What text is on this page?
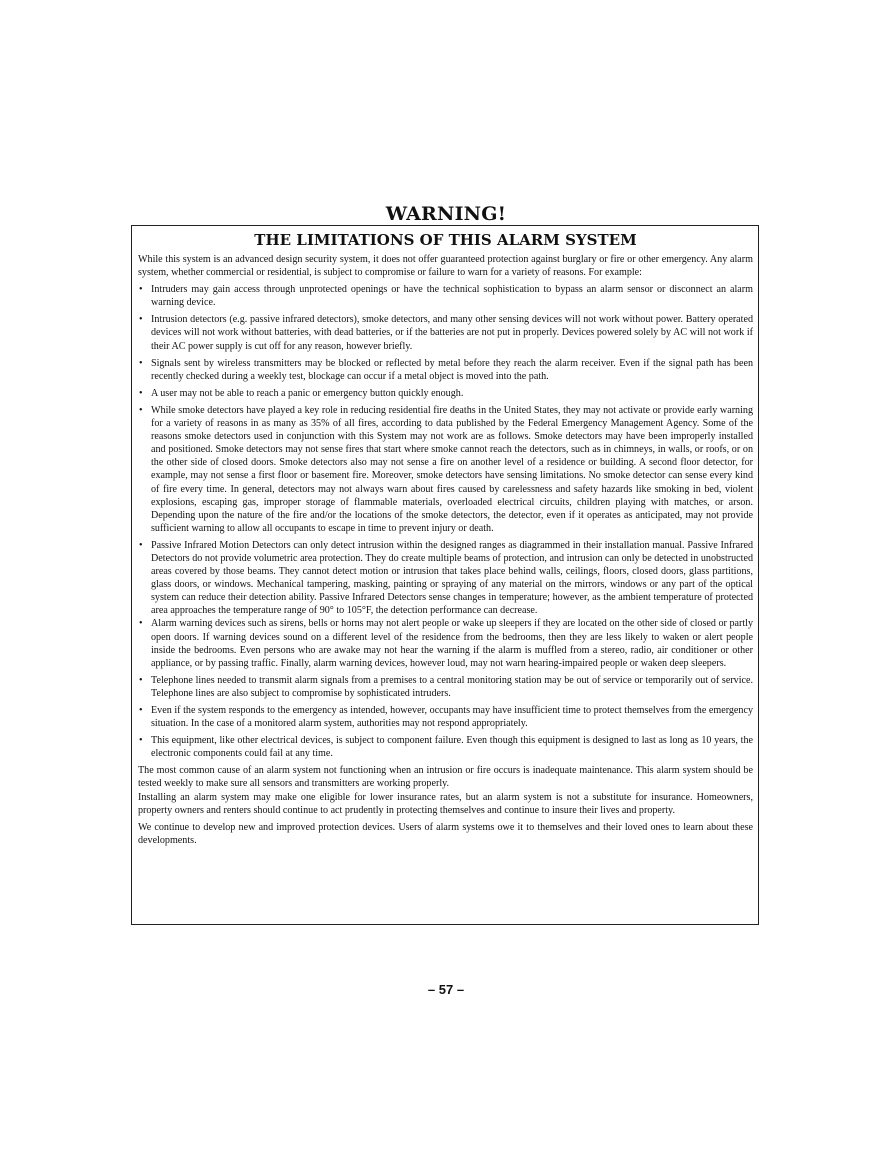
WARNING!
THE LIMITATIONS OF THIS ALARM SYSTEM

While this system is an advanced design security system, it does not offer guaranteed protection against burglary or fire or other emergency. Any alarm system, whether commercial or residential, is subject to compromise or failure to warn for a variety of reasons. For example:

• Intruders may gain access through unprotected openings or have the technical sophistication to bypass an alarm sensor or disconnect an alarm warning device.
• Intrusion detectors (e.g. passive infrared detectors), smoke detectors, and many other sensing devices will not work without power. Battery operated devices will not work without batteries, with dead batteries, or if the batteries are not put in properly. Devices powered solely by AC will not work if their AC power supply is cut off for any reason, however briefly.
• Signals sent by wireless transmitters may be blocked or reflected by metal before they reach the alarm receiver. Even if the signal path has been recently checked during a weekly test, blockage can occur if a metal object is moved into the path.
• A user may not be able to reach a panic or emergency button quickly enough.
• While smoke detectors have played a key role in reducing residential fire deaths in the United States, they may not activate or provide early warning for a variety of reasons in as many as 35% of all fires, according to data published by the Federal Emergency Management Agency. Some of the reasons smoke detectors used in conjunction with this System may not work are as follows. Smoke detectors may have been improperly installed and positioned. Smoke detectors may not sense fires that start where smoke cannot reach the detectors, such as in chimneys, in walls, or roofs, or on the other side of closed doors. Smoke detectors also may not sense a fire on another level of a residence or building. A second floor detector, for example, may not sense a first floor or basement fire. Moreover, smoke detectors have sensing limitations. No smoke detector can sense every kind of fire every time. In general, detectors may not always warn about fires caused by carelessness and safety hazards like smoking in bed, violent explosions, escaping gas, improper storage of flammable materials, overloaded electrical circuits, children playing with matches, or arson. Depending upon the nature of the fire and/or the locations of the smoke detectors, the detector, even if it operates as anticipated, may not provide sufficient warning to allow all occupants to escape in time to prevent injury or death.
• Passive Infrared Motion Detectors can only detect intrusion within the designed ranges as diagrammed in their installation manual. Passive Infrared Detectors do not provide volumetric area protection. They do create multiple beams of protection, and intrusion can only be detected in unobstructed areas covered by those beams. They cannot detect motion or intrusion that takes place behind walls, ceilings, floors, closed doors, glass partitions, glass doors, or windows. Mechanical tampering, masking, painting or spraying of any material on the mirrors, windows or any part of the optical system can reduce their detection ability. Passive Infrared Detectors sense changes in temperature; however, as the ambient temperature of protected area approaches the temperature range of 90° to 105°F, the detection performance can decrease.
• Alarm warning devices such as sirens, bells or horns may not alert people or wake up sleepers if they are located on the other side of closed or partly open doors. If warning devices sound on a different level of the residence from the bedrooms, then they are less likely to waken or alert people inside the bedrooms. Even persons who are awake may not hear the warning if the alarm is muffled from a stereo, radio, air conditioner or other appliance, or by passing traffic. Finally, alarm warning devices, however loud, may not warn hearing-impaired people or waken deep sleepers.
• Telephone lines needed to transmit alarm signals from a premises to a central monitoring station may be out of service or temporarily out of service. Telephone lines are also subject to compromise by sophisticated intruders.
• Even if the system responds to the emergency as intended, however, occupants may have insufficient time to protect themselves from the emergency situation. In the case of a monitored alarm system, authorities may not respond appropriately.
• This equipment, like other electrical devices, is subject to component failure. Even though this equipment is designed to last as long as 10 years, the electronic components could fail at any time.

The most common cause of an alarm system not functioning when an intrusion or fire occurs is inadequate maintenance. This alarm system should be tested weekly to make sure all sensors and transmitters are working properly.

Installing an alarm system may make one eligible for lower insurance rates, but an alarm system is not a substitute for insurance. Homeowners, property owners and renters should continue to act prudently in protecting themselves and continue to insure their lives and property.

We continue to develop new and improved protection devices. Users of alarm systems owe it to themselves and their loved ones to learn about these developments.

– 57 –
